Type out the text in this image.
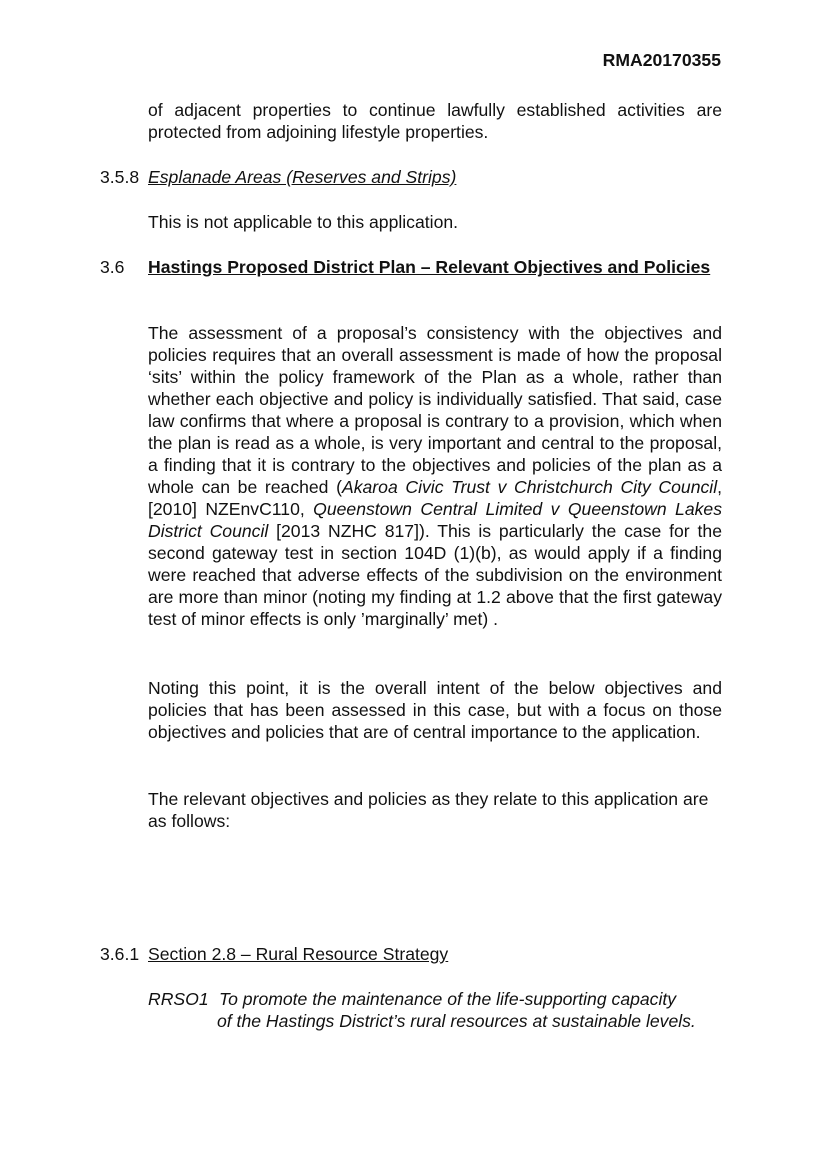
RMA20170355

of adjacent properties to continue lawfully established activities are protected from adjoining lifestyle properties.

3.5.8 Esplanade Areas (Reserves and Strips)

This is not applicable to this application.

3.6 Hastings Proposed District Plan – Relevant Objectives and Policies

The assessment of a proposal’s consistency with the objectives and policies requires that an overall assessment is made of how the proposal ‘sits’ within the policy framework of the Plan as a whole, rather than whether each objective and policy is individually satisfied. That said, case law confirms that where a proposal is contrary to a provision, which when the plan is read as a whole, is very important and central to the proposal, a finding that it is contrary to the objectives and policies of the plan as a whole can be reached (Akaroa Civic Trust v Christchurch City Council, [2010] NZEnvC110, Queenstown Central Limited v Queenstown Lakes District Council [2013 NZHC 817]). This is particularly the case for the second gateway test in section 104D (1)(b), as would apply if a finding were reached that adverse effects of the subdivision on the environment are more than minor (noting my finding at 1.2 above that the first gateway test of minor effects is only ’marginally’ met) .

Noting this point, it is the overall intent of the below objectives and policies that has been assessed in this case, but with a focus on those objectives and policies that are of central importance to the application.

The relevant objectives and policies as they relate to this application are as follows:

3.6.1 Section 2.8 – Rural Resource Strategy
RRSO1 To promote the maintenance of the life-supporting capacity

of the Hastings District’s rural resources at sustainable levels.
